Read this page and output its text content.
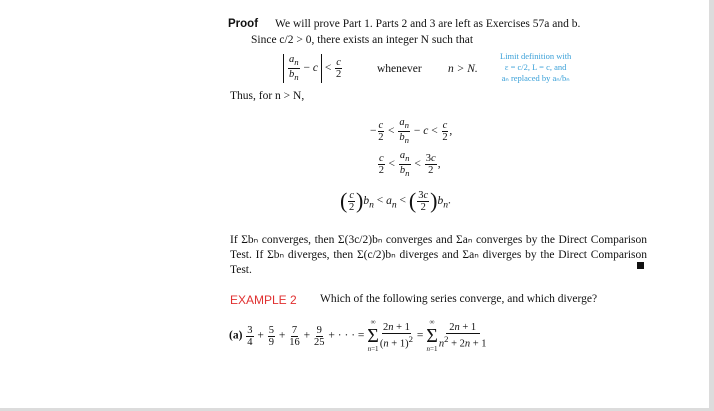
Proof We will prove Part 1. Parts 2 and 3 are left as Exercises 57a and b.
Since c/2 > 0, there exists an integer N such that
$\frac{a_n}{b_n} - c < \frac{c}{2}$	whenever n > N.
Limit definition with
ε = c/2, L = c, and
aₙ replaced by aₙ/bₙ
Thus, for n > N,
− $\frac{c}{2} < \frac{a_n}{b_n} - c < \frac{c}{2}$ ,
$\frac{c}{2} < \frac{a_n}{b_n} < \frac{3c}{2}$ ,
( $\frac{c}{2} )b_n < a_n$ < ( $\frac{3c}{2} )b_n$.
If Σbₙ converges, then Σ(3c/2)bₙ converges and Σaₙ converges by the Direct Comparison Test. If Σbₙ diverges, then Σ(c/2)bₙ diverges and Σaₙ diverges by the Direct Comparison Test.
EXAMPLE 2 Which of the following series converge, and which diverge?
$(a) \frac{3}{4} + \frac{5}{9} + \frac{7}{16} + \frac{9}{25}$ + · · · =
∞
Σ
$n=1 \frac{2n + 1}{(n + 1)^2}$ =
∞
Σ
$n=1 \frac{2n + 1}{n^2 + 2n + 1}$
